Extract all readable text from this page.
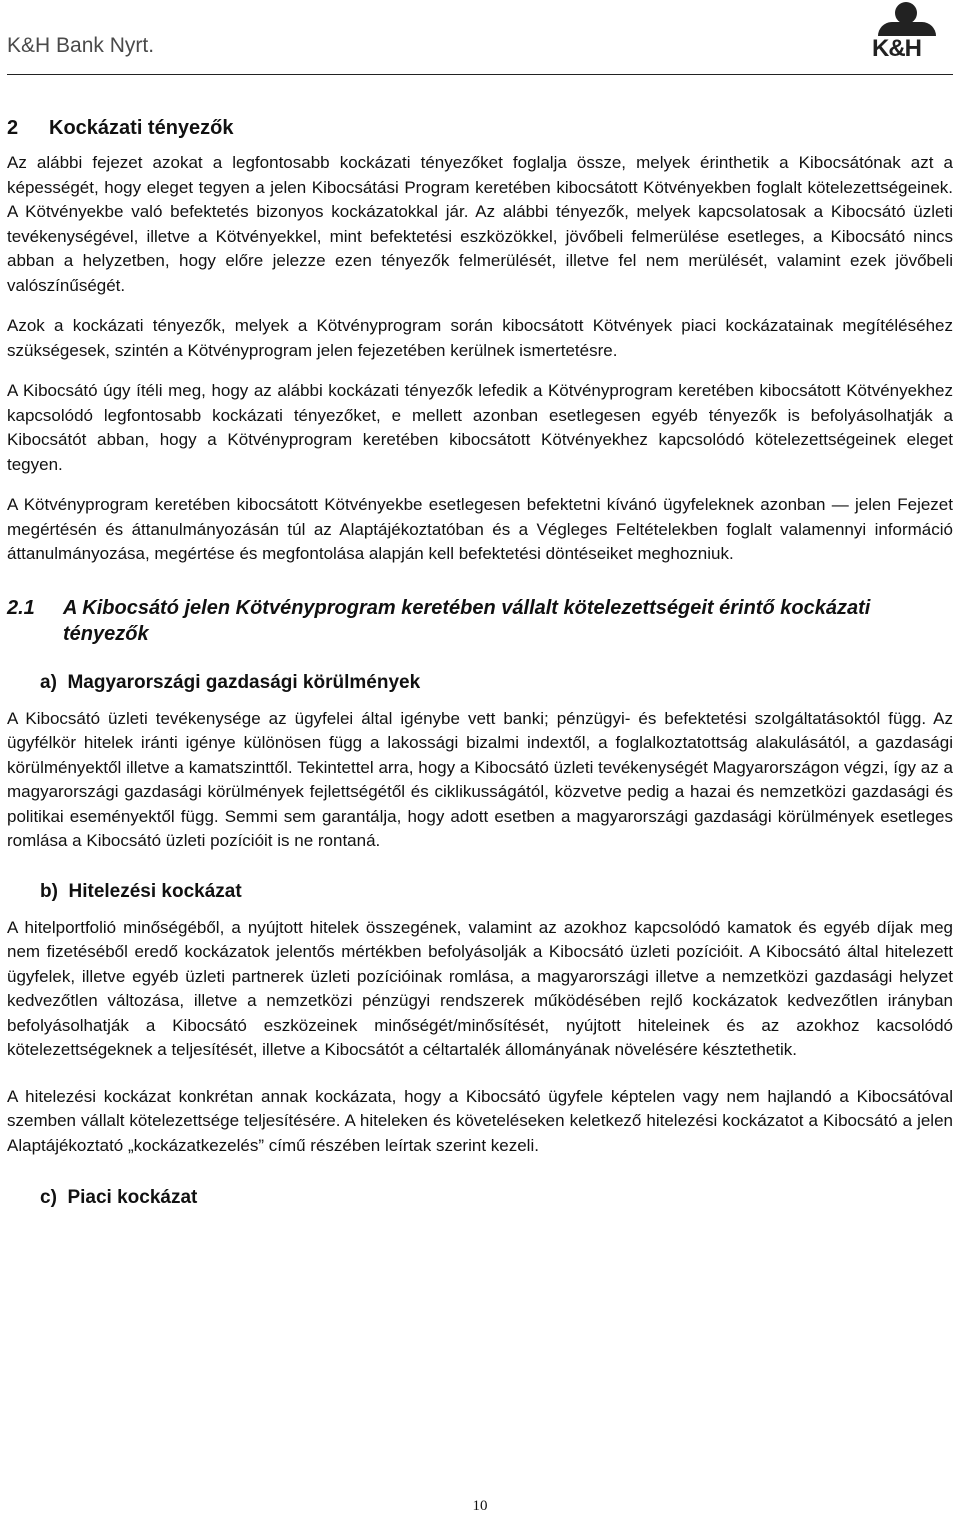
K&H Bank Nyrt.	K&H
2	Kockázati tényezők

Az alábbi fejezet azokat a legfontosabb kockázati tényezőket foglalja össze, melyek érinthetik a Kibocsátónak azt a képességét, hogy eleget tegyen a jelen Kibocsátási Program keretében kibocsátott Kötvényekben foglalt kötelezettségeinek. A Kötvényekbe való befektetés bizonyos kockázatokkal jár. Az alábbi tényezők, melyek kapcsolatosak a Kibocsátó üzleti tevékenységével, illetve a Kötvényekkel, mint befektetési eszközökkel, jövőbeli felmerülése esetleges, a Kibocsátó nincs abban a helyzetben, hogy előre jelezze ezen tényezők felmerülését, illetve fel nem merülését, valamint ezek jövőbeli valószínűségét.

Azok a kockázati tényezők, melyek a Kötvényprogram során kibocsátott Kötvények piaci kockázatainak megítéléséhez szükségesek, szintén a Kötvényprogram jelen fejezetében kerülnek ismertetésre.

A Kibocsátó úgy ítéli meg, hogy az alábbi kockázati tényezők lefedik a Kötvényprogram keretében kibocsátott Kötvényekhez kapcsolódó legfontosabb kockázati tényezőket, e mellett azonban esetlegesen egyéb tényezők is befolyásolhatják a Kibocsátót abban, hogy a Kötvényprogram keretében kibocsátott Kötvényekhez kapcsolódó kötelezettségeinek eleget tegyen.

A Kötvényprogram keretében kibocsátott Kötvényekbe esetlegesen befektetni kívánó ügyfeleknek azonban — jelen Fejezet megértésén és áttanulmányozásán túl az Alaptájékoztatóban és a Végleges Feltételekben foglalt valamennyi információ áttanulmányozása, megértése és megfontolása alapján kell befektetési döntéseiket meghozniuk.

2.1	A Kibocsátó jelen Kötvényprogram keretében vállalt kötelezettségeit érintő kockázati tényezők
a)  Magyarországi gazdasági körülmények

A Kibocsátó üzleti tevékenysége az ügyfelei által igénybe vett banki; pénzügyi- és befektetési szolgáltatásoktól függ. Az ügyfélkör hitelek iránti igénye különösen függ a lakossági bizalmi indextől, a foglalkoztatottság alakulásától, a gazdasági körülményektől illetve a kamatszinttől. Tekintettel arra, hogy a Kibocsátó üzleti tevékenységét Magyarországon végzi, így az a magyarországi gazdasági körülmények fejlettségétől és ciklikusságától, közvetve pedig a hazai és nemzetközi gazdasági és politikai eseményektől függ. Semmi sem garantálja, hogy adott esetben a magyarországi gazdasági körülmények esetleges romlása a Kibocsátó üzleti pozícióit is ne rontaná.

b)  Hitelezési kockázat

A hitelportfolió minőségéből, a nyújtott hitelek összegének, valamint az azokhoz kapcsolódó kamatok és egyéb díjak meg nem fizetéséből eredő kockázatok jelentős mértékben befolyásolják a Kibocsátó üzleti pozícióit. A Kibocsátó által hitelezett ügyfelek, illetve egyéb üzleti partnerek üzleti pozícióinak romlása, a magyarországi illetve a nemzetközi gazdasági helyzet kedvezőtlen változása, illetve a nemzetközi pénzügyi rendszerek működésében rejlő kockázatok kedvezőtlen irányban befolyásolhatják a Kibocsátó eszközeinek minőségét/minősítését, nyújtott hiteleinek és az azokhoz kacsolódó kötelezettségeknek a teljesítését, illetve a Kibocsátót a céltartalék állományának növelésére késztethetik.

A hitelezési kockázat konkrétan annak kockázata, hogy a Kibocsátó ügyfele képtelen vagy nem hajlandó a Kibocsátóval szemben vállalt kötelezettsége teljesítésére. A hiteleken és követeléseken keletkező hitelezési kockázatot a Kibocsátó a jelen Alaptájékoztató „kockázatkezelés” című részében leírtak szerint kezeli.

c)  Piaci kockázat
10
